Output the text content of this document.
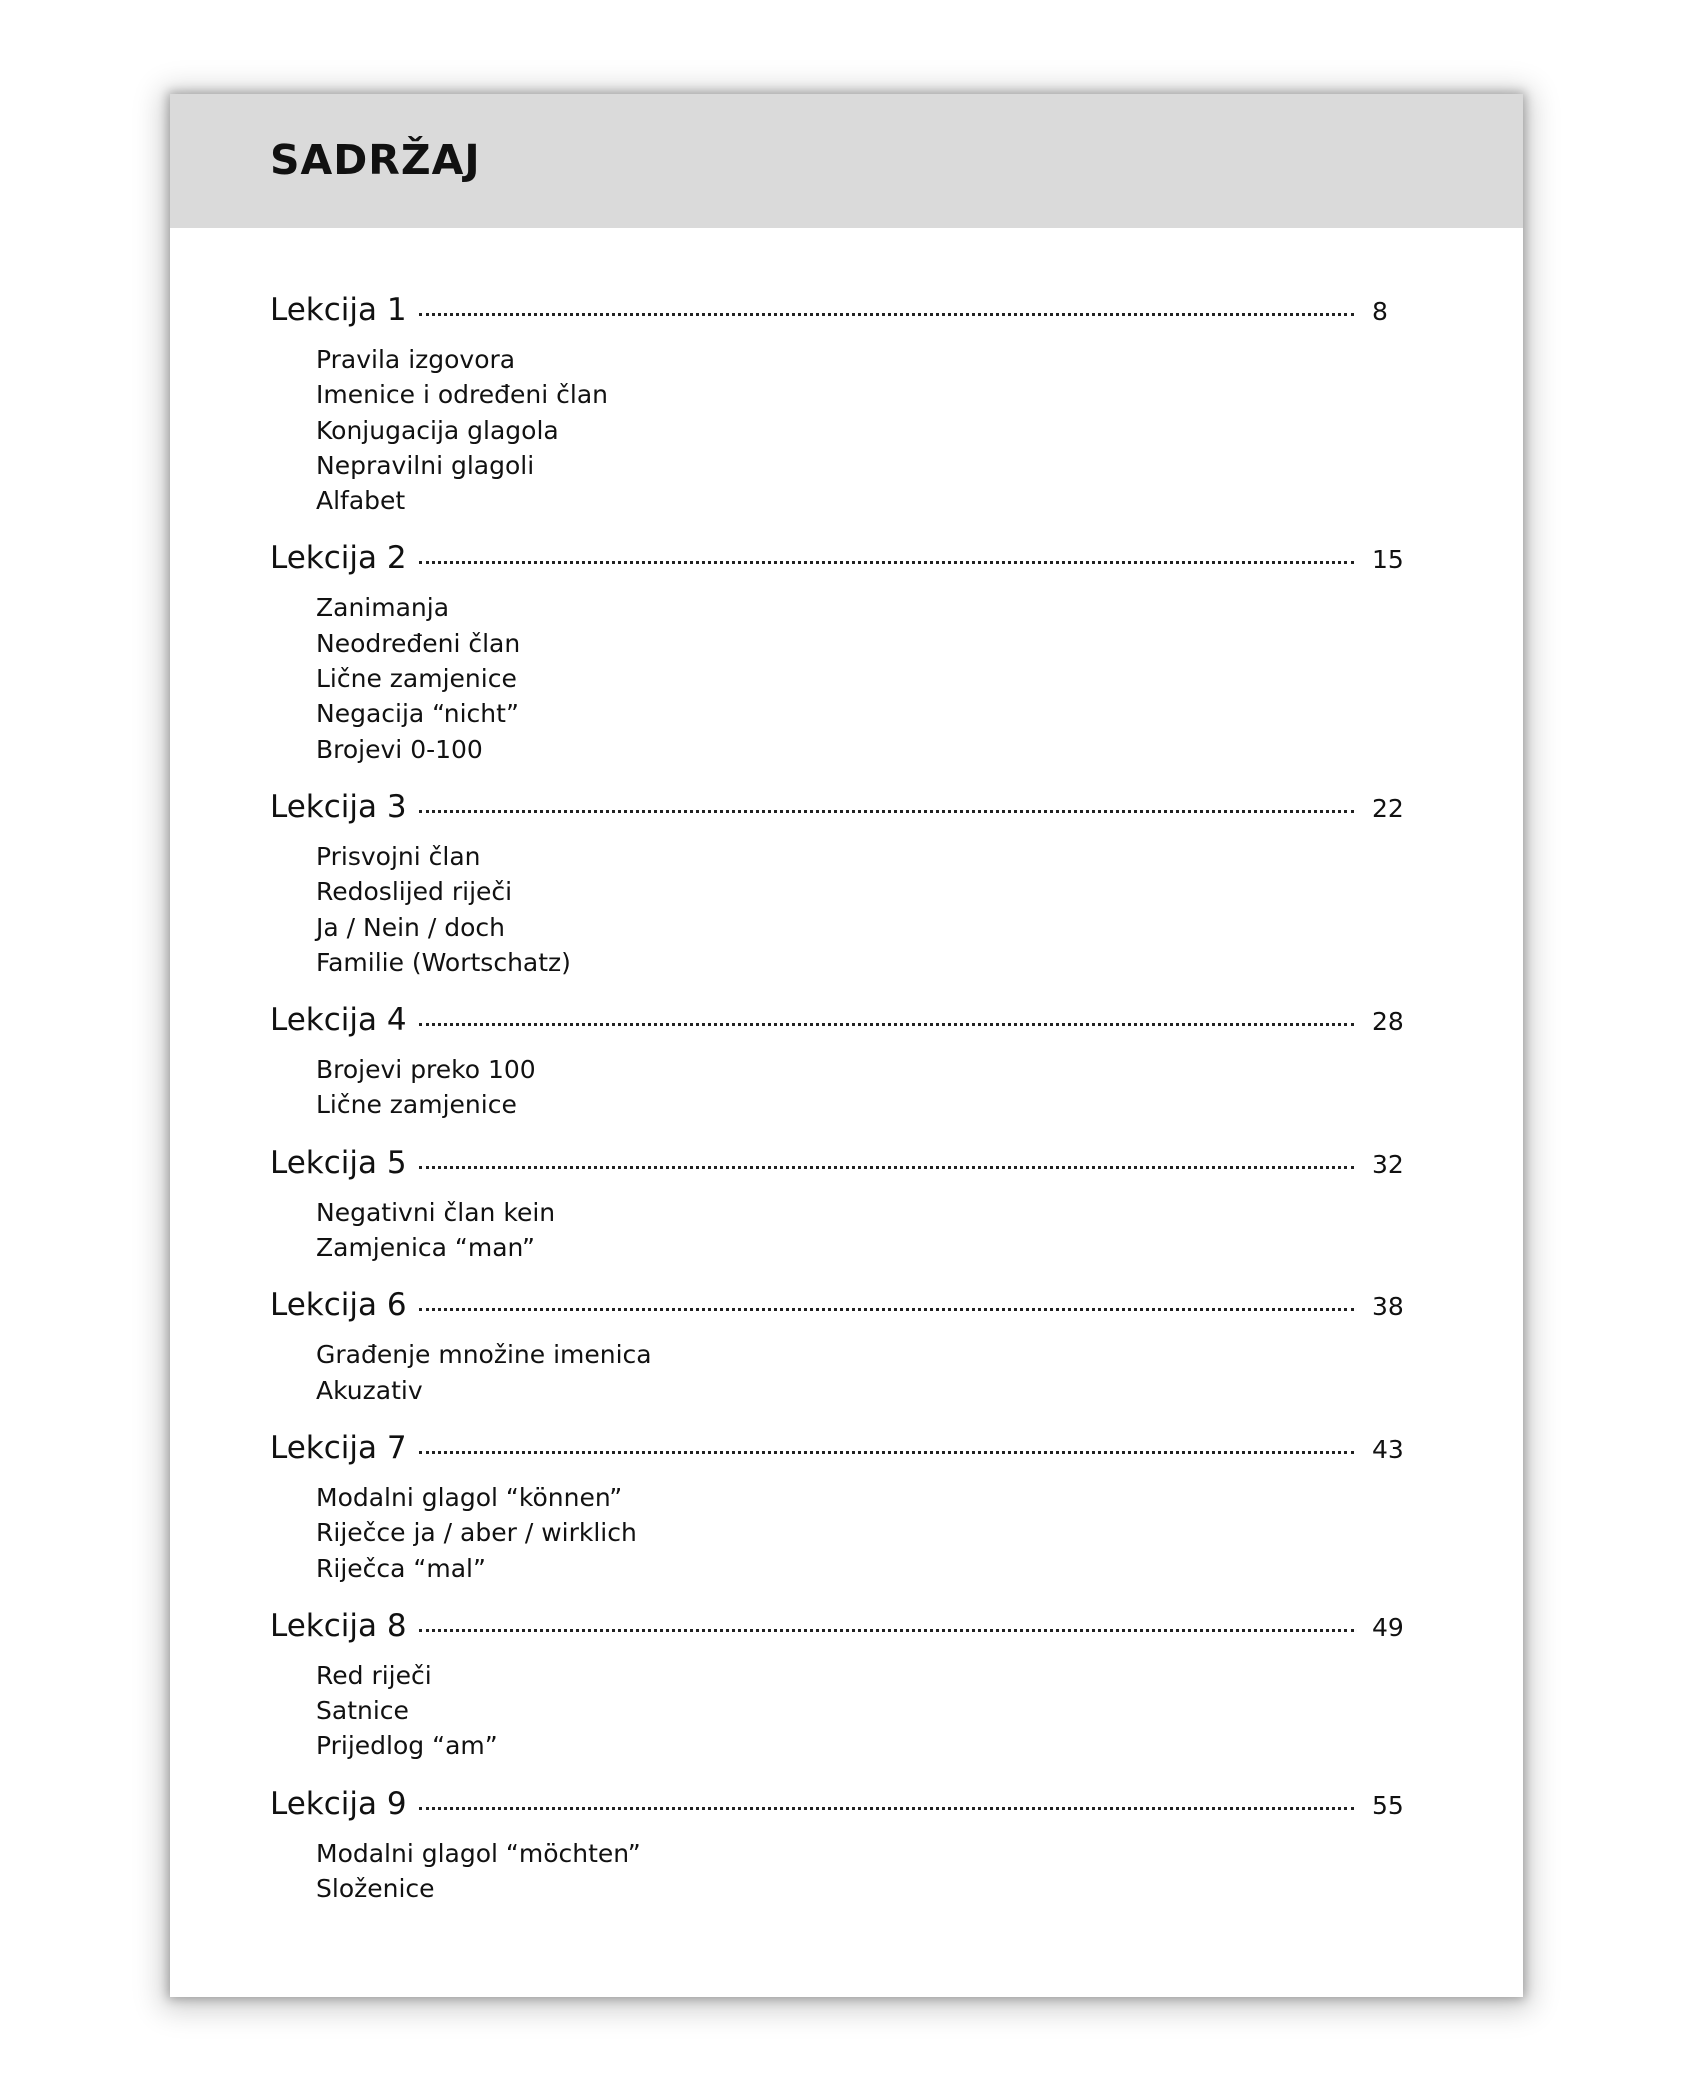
SADRŽAJ
Lekcija 1	8
Pravila izgovora
Imenice i određeni član
Konjugacija glagola
Nepravilni glagoli
Alfabet
Lekcija 2	15
Zanimanja
Neodređeni član
Lične zamjenice
Negacija “nicht”
Brojevi 0-100
Lekcija 3	22
Prisvojni član
Redoslijed riječi
Ja / Nein / doch
Familie (Wortschatz)
Lekcija 4	28
Brojevi preko 100
Lične zamjenice
Lekcija 5	32
Negativni član kein
Zamjenica “man”
Lekcija 6	38
Građenje množine imenica
Akuzativ
Lekcija 7	43
Modalni glagol “können”
Riječce ja / aber / wirklich
Riječca “mal”
Lekcija 8	49
Red riječi
Satnice
Prijedlog “am”
Lekcija 9	55
Modalni glagol “möchten”
Složenice
